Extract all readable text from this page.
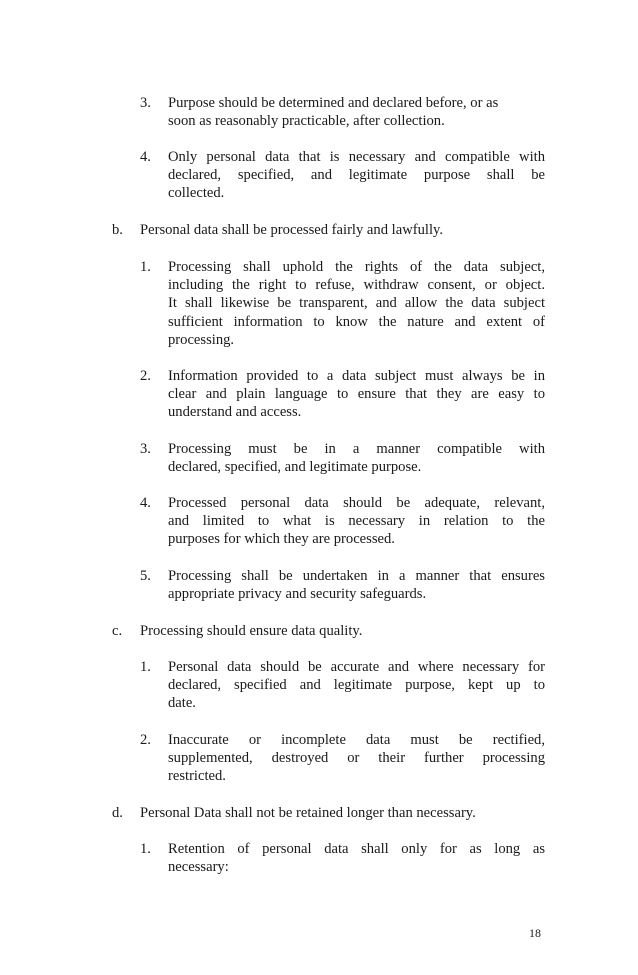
3. Purpose should be determined and declared before, or as
soon as reasonably practicable, after collection.
4. Only personal data that is necessary and compatible with
declared, specified, and legitimate purpose shall be
collected.
b. Personal data shall be processed fairly and lawfully.
1. Processing shall uphold the rights of the data subject,
including the right to refuse, withdraw consent, or object.
It shall likewise be transparent, and allow the data subject
sufficient information to know the nature and extent of
processing.
2. Information provided to a data subject must always be in
clear and plain language to ensure that they are easy to
understand and access.
3. Processing must be in a manner compatible with
declared, specified, and legitimate purpose.
4. Processed personal data should be adequate, relevant,
and limited to what is necessary in relation to the
purposes for which they are processed.
5. Processing shall be undertaken in a manner that ensures
appropriate privacy and security safeguards.
c. Processing should ensure data quality.
1. Personal data should be accurate and where necessary for
declared, specified and legitimate purpose, kept up to
date.
2. Inaccurate or incomplete data must be rectified,
supplemented, destroyed or their further processing
restricted.
d. Personal Data shall not be retained longer than necessary.
1. Retention of personal data shall only for as long as
necessary:
18
